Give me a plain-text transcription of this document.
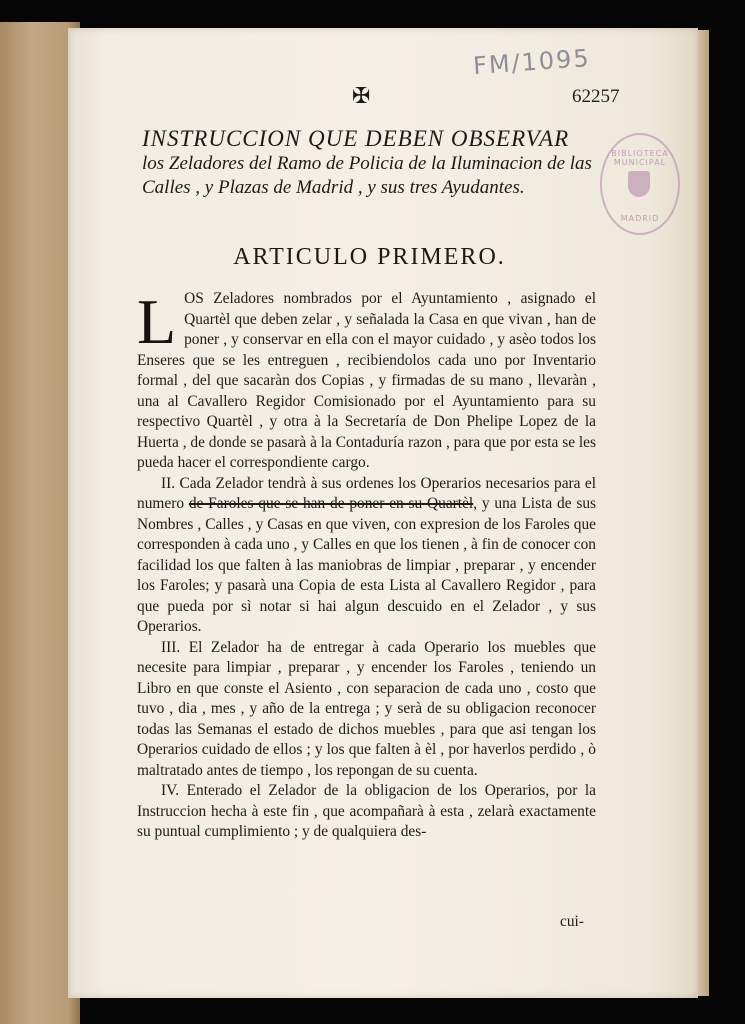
FM/1095
✠	62257
BIBLIOTECA MUNICIPAL
MADRID
INSTRUCCION QUE DEBEN OBSERVAR
los Zeladores del Ramo de Policia de la Iluminacion de las Calles , y Plazas de Madrid , y sus tres Ayudantes.
ARTICULO PRIMERO.

LOS Zeladores nombrados por el Ayuntamiento , asignado el Quartèl que deben zelar , y señalada la Casa en que vivan , han de poner , y conservar en ella con el mayor cuidado , y asèo todos los Enseres que se les entreguen , recibiendolos cada uno por Inventario formal , del que sacaràn dos Copias , y firmadas de su mano , llevaràn , una al Cavallero Regidor Comisionado por el Ayuntamiento para su respectivo Quartèl , y otra à la Secretaría de Don Phelipe Lopez de la Huerta , de donde se pasarà à la Contaduría razon , para que por esta se les pueda hacer el correspondiente cargo.

II. Cada Zelador tendrà à sus ordenes los Operarios necesarios para el numero de Faroles que se han de poner en su Quartèl, y una Lista de sus Nombres , Calles , y Casas en que viven, con expresion de los Faroles que corresponden à cada uno , y Calles en que los tienen , à fin de conocer con facilidad los que falten à las maniobras de limpiar , preparar , y encender los Faroles; y pasarà una Copia de esta Lista al Cavallero Regidor , para que pueda por sì notar si hai algun descuido en el Zelador , y sus Operarios.

III. El Zelador ha de entregar à cada Operario los muebles que necesite para limpiar , preparar , y encender los Faroles , teniendo un Libro en que conste el Asiento , con separacion de cada uno , costo que tuvo , dia , mes , y año de la entrega ; y serà de su obligacion reconocer todas las Semanas el estado de dichos muebles , para que asi tengan los Operarios cuidado de ellos ; y los que falten à èl , por haverlos perdido , ò maltratado antes de tiempo , los repongan de su cuenta.

IV. Enterado el Zelador de la obligacion de los Operarios, por la Instruccion hecha à este fin , que acompañarà à esta , zelarà exactamente su puntual cumplimiento ; y de qualquiera des-

cui-
